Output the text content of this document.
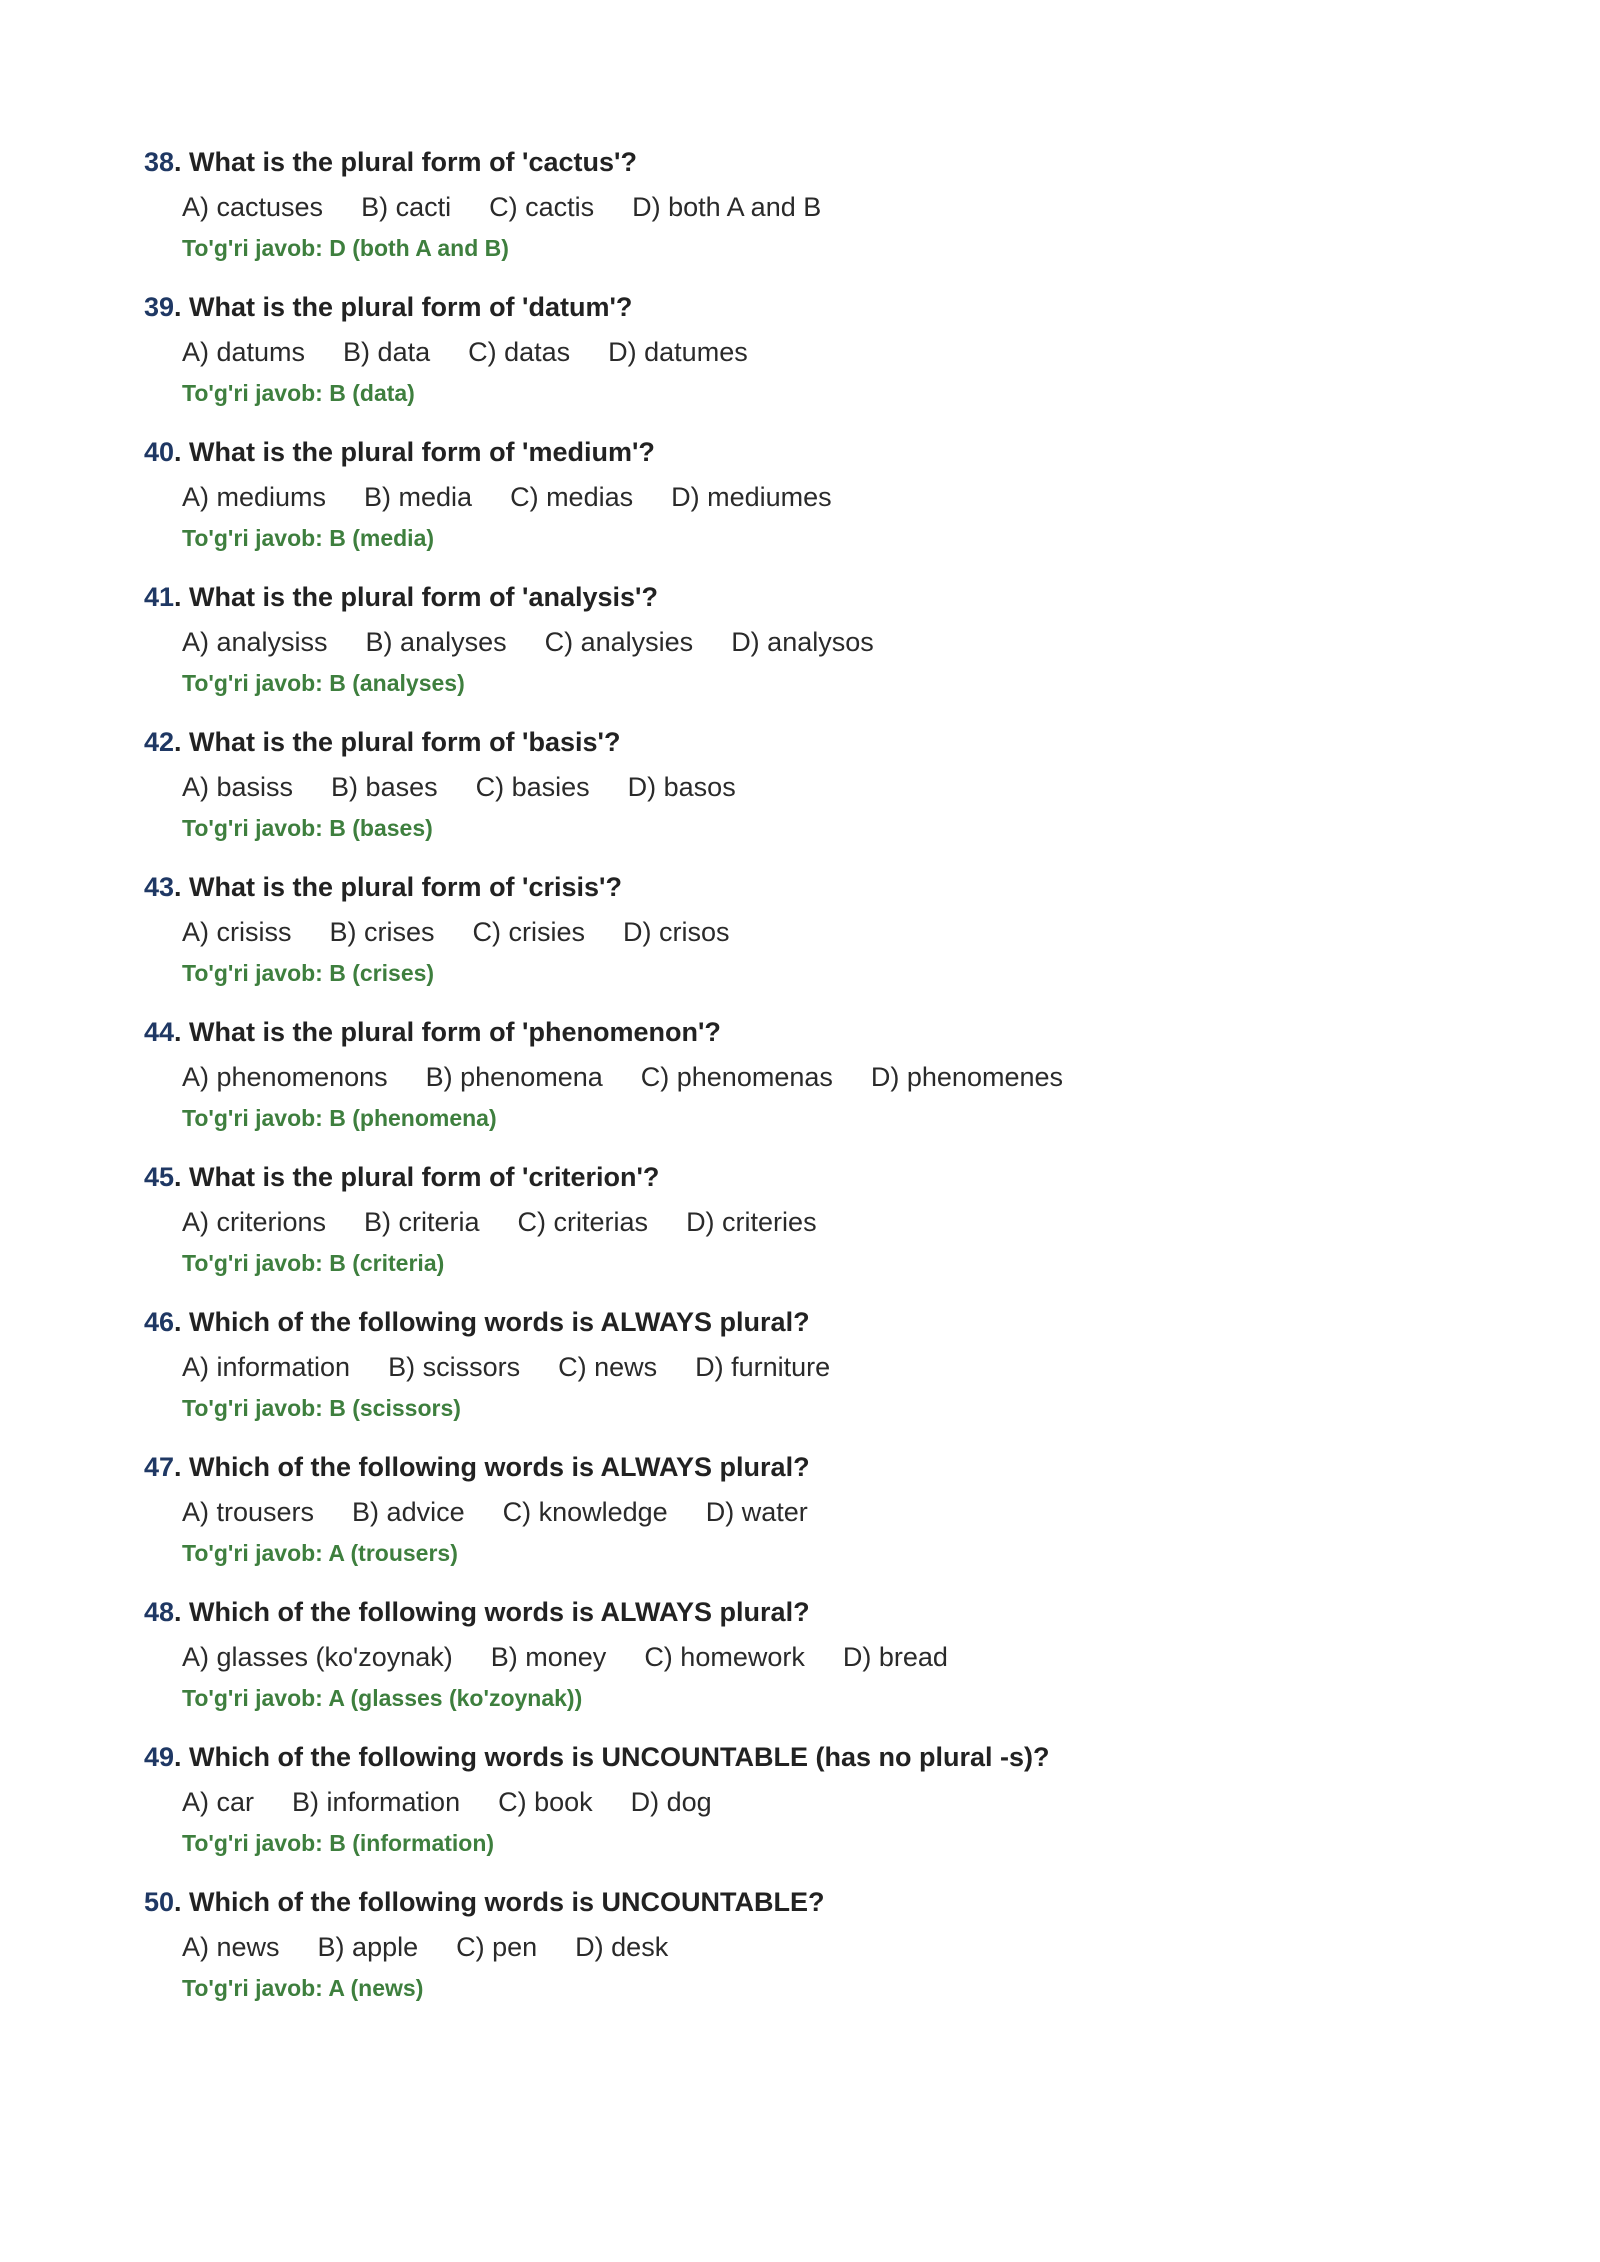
38. What is the plural form of 'cactus'?
A) cactuses B) cacti C) cactis D) both A and B
To'g'ri javob: D (both A and B)
39. What is the plural form of 'datum'?
A) datums B) data C) datas D) datumes
To'g'ri javob: B (data)
40. What is the plural form of 'medium'?
A) mediums B) media C) medias D) mediumes
To'g'ri javob: B (media)
41. What is the plural form of 'analysis'?
A) analysiss B) analyses C) analysies D) analysos
To'g'ri javob: B (analyses)
42. What is the plural form of 'basis'?
A) basiss B) bases C) basies D) basos
To'g'ri javob: B (bases)
43. What is the plural form of 'crisis'?
A) crisiss B) crises C) crisies D) crisos
To'g'ri javob: B (crises)
44. What is the plural form of 'phenomenon'?
A) phenomenons B) phenomena C) phenomenas D) phenomenes
To'g'ri javob: B (phenomena)
45. What is the plural form of 'criterion'?
A) criterions B) criteria C) criterias D) criteries
To'g'ri javob: B (criteria)
46. Which of the following words is ALWAYS plural?
A) information B) scissors C) news D) furniture
To'g'ri javob: B (scissors)
47. Which of the following words is ALWAYS plural?
A) trousers B) advice C) knowledge D) water
To'g'ri javob: A (trousers)
48. Which of the following words is ALWAYS plural?
A) glasses (ko'zoynak) B) money C) homework D) bread
To'g'ri javob: A (glasses (ko'zoynak))
49. Which of the following words is UNCOUNTABLE (has no plural -s)?
A) car B) information C) book D) dog
To'g'ri javob: B (information)
50. Which of the following words is UNCOUNTABLE?
A) news B) apple C) pen D) desk
To'g'ri javob: A (news)
